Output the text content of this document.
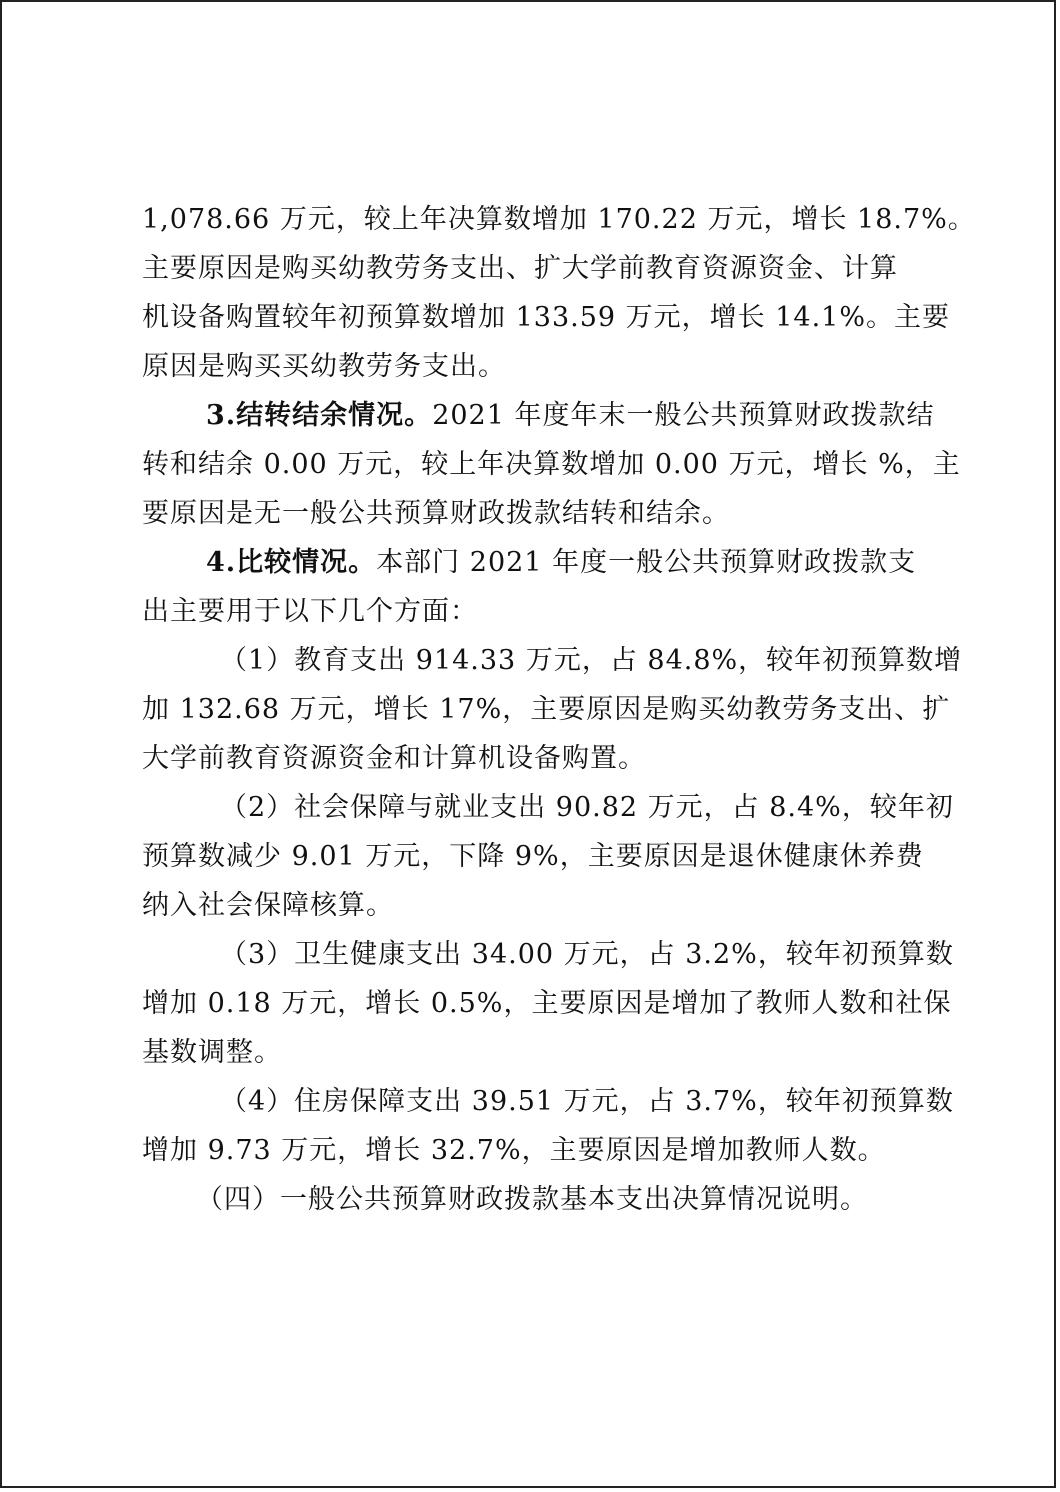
1,078.66 万元，较上年决算数增加 170.22 万元，增长 18.7%。
主要原因是购买幼教劳务支出、扩大学前教育资源资金、计算
机设备购置较年初预算数增加 133.59 万元，增长 14.1%。主要
原因是购买买幼教劳务支出。
3.结转结余情况。2021 年度年末一般公共预算财政拨款结
转和结余 0.00 万元，较上年决算数增加 0.00 万元，增长 %，主
要原因是无一般公共预算财政拨款结转和结余。
4.比较情况。本部门 2021 年度一般公共预算财政拨款支
出主要用于以下几个方面：
（1）教育支出 914.33 万元，占 84.8%，较年初预算数增
加 132.68 万元，增长 17%，主要原因是购买幼教劳务支出、扩
大学前教育资源资金和计算机设备购置。
（2）社会保障与就业支出 90.82 万元，占 8.4%，较年初
预算数减少 9.01 万元，下降 9%，主要原因是退休健康休养费
纳入社会保障核算。
（3）卫生健康支出 34.00 万元，占 3.2%，较年初预算数
增加 0.18 万元，增长 0.5%，主要原因是增加了教师人数和社保
基数调整。
（4）住房保障支出 39.51 万元，占 3.7%，较年初预算数
增加 9.73 万元，增长 32.7%，主要原因是增加教师人数。
（四）一般公共预算财政拨款基本支出决算情况说明。
